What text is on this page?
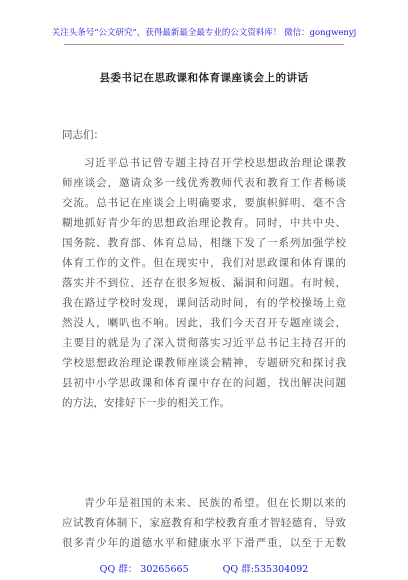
关注头条号“公文研究”，获得最新最全最专业的公文资料库！ 微信：gongwenyj
县委书记在思政课和体育课座谈会上的讲话
同志们：
习近平总书记曾专题主持召开学校思想政治理论课教
师座谈会，邀请众多一线优秀教师代表和教育工作者畅谈
交流。总书记在座谈会上明确要求，要旗帜鲜明、毫不含
糊地抓好青少年的思想政治理论教育。同时，中共中央、
国务院、教育部、体育总局，相继下发了一系列加强学校
体育工作的文件。但在现实中，我们对思政课和体育课的
落实并不到位，还存在很多短板、漏洞和问题。有时候，
我在路过学校时发现，课间活动时间，有的学校操场上竟
然没人，喇叭也不响。因此，我们今天召开专题座谈会，
主要目的就是为了深入贯彻落实习近平总书记主持召开的
学校思想政治理论课教师座谈会精神，专题研究和探讨我
县初中小学思政课和体育课中存在的问题，找出解决问题
的方法，安排好下一步的相关工作。
青少年是祖国的未来、民族的希望。但在长期以来的
应试教育体制下，家庭教育和学校教育重才智轻德育，导致
很多青少年的道德水平和健康水平下滑严重，以至于无数
QQ 群： 30265665	QQ 群:535304092
